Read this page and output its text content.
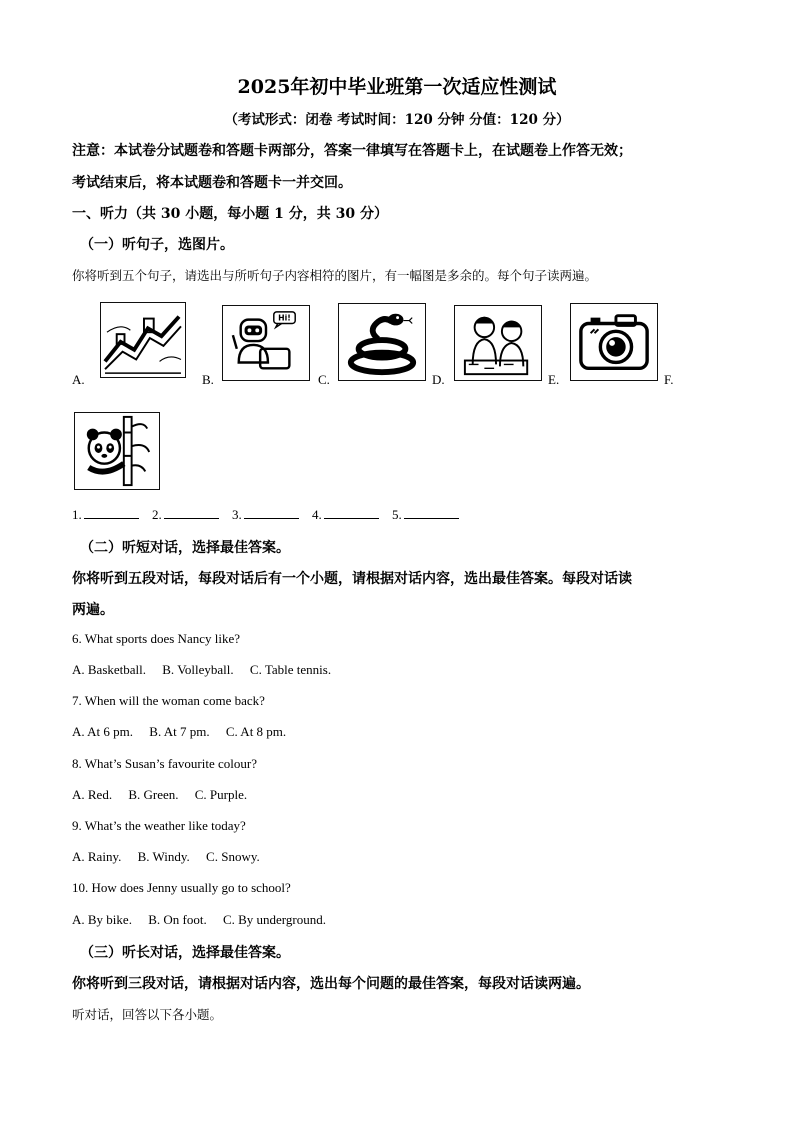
2025年初中毕业班第一次适应性测试
（考试形式：闭卷 考试时间：120 分钟 分值：120 分）
注意：本试卷分试题卷和答题卡两部分，答案一律填写在答题卡上，在试题卷上作答无效；
考试结束后，将本试题卷和答题卡一并交回。
一、听力（共 30 小题，每小题 1 分，共 30 分）
（一）听句子，选图片。
你将听到五个句子，请选出与所听句子内容相符的图片，有一幅图是多余的。每个句子读两遍。
A.	B.
Hi!
C.	D.	E.	F.
1.	2.	3.	4.	5.
（二）听短对话，选择最佳答案。
你将听到五段对话，每段对话后有一个小题，请根据对话内容，选出最佳答案。每段对话读
两遍。
6. What sports does Nancy like?
A. Basketball.     B. Volleyball.     C. Table tennis.
7. When will the woman come back?
A. At 6 pm.     B. At 7 pm.     C. At 8 pm.
8. What’s Susan’s favourite colour?
A. Red.     B. Green.     C. Purple.
9. What’s the weather like today?
A. Rainy.     B. Windy.     C. Snowy.
10. How does Jenny usually go to school?
A. By bike.     B. On foot.     C. By underground.
（三）听长对话，选择最佳答案。
你将听到三段对话，请根据对话内容，选出每个问题的最佳答案，每段对话读两遍。
听对话，回答以下各小题。
